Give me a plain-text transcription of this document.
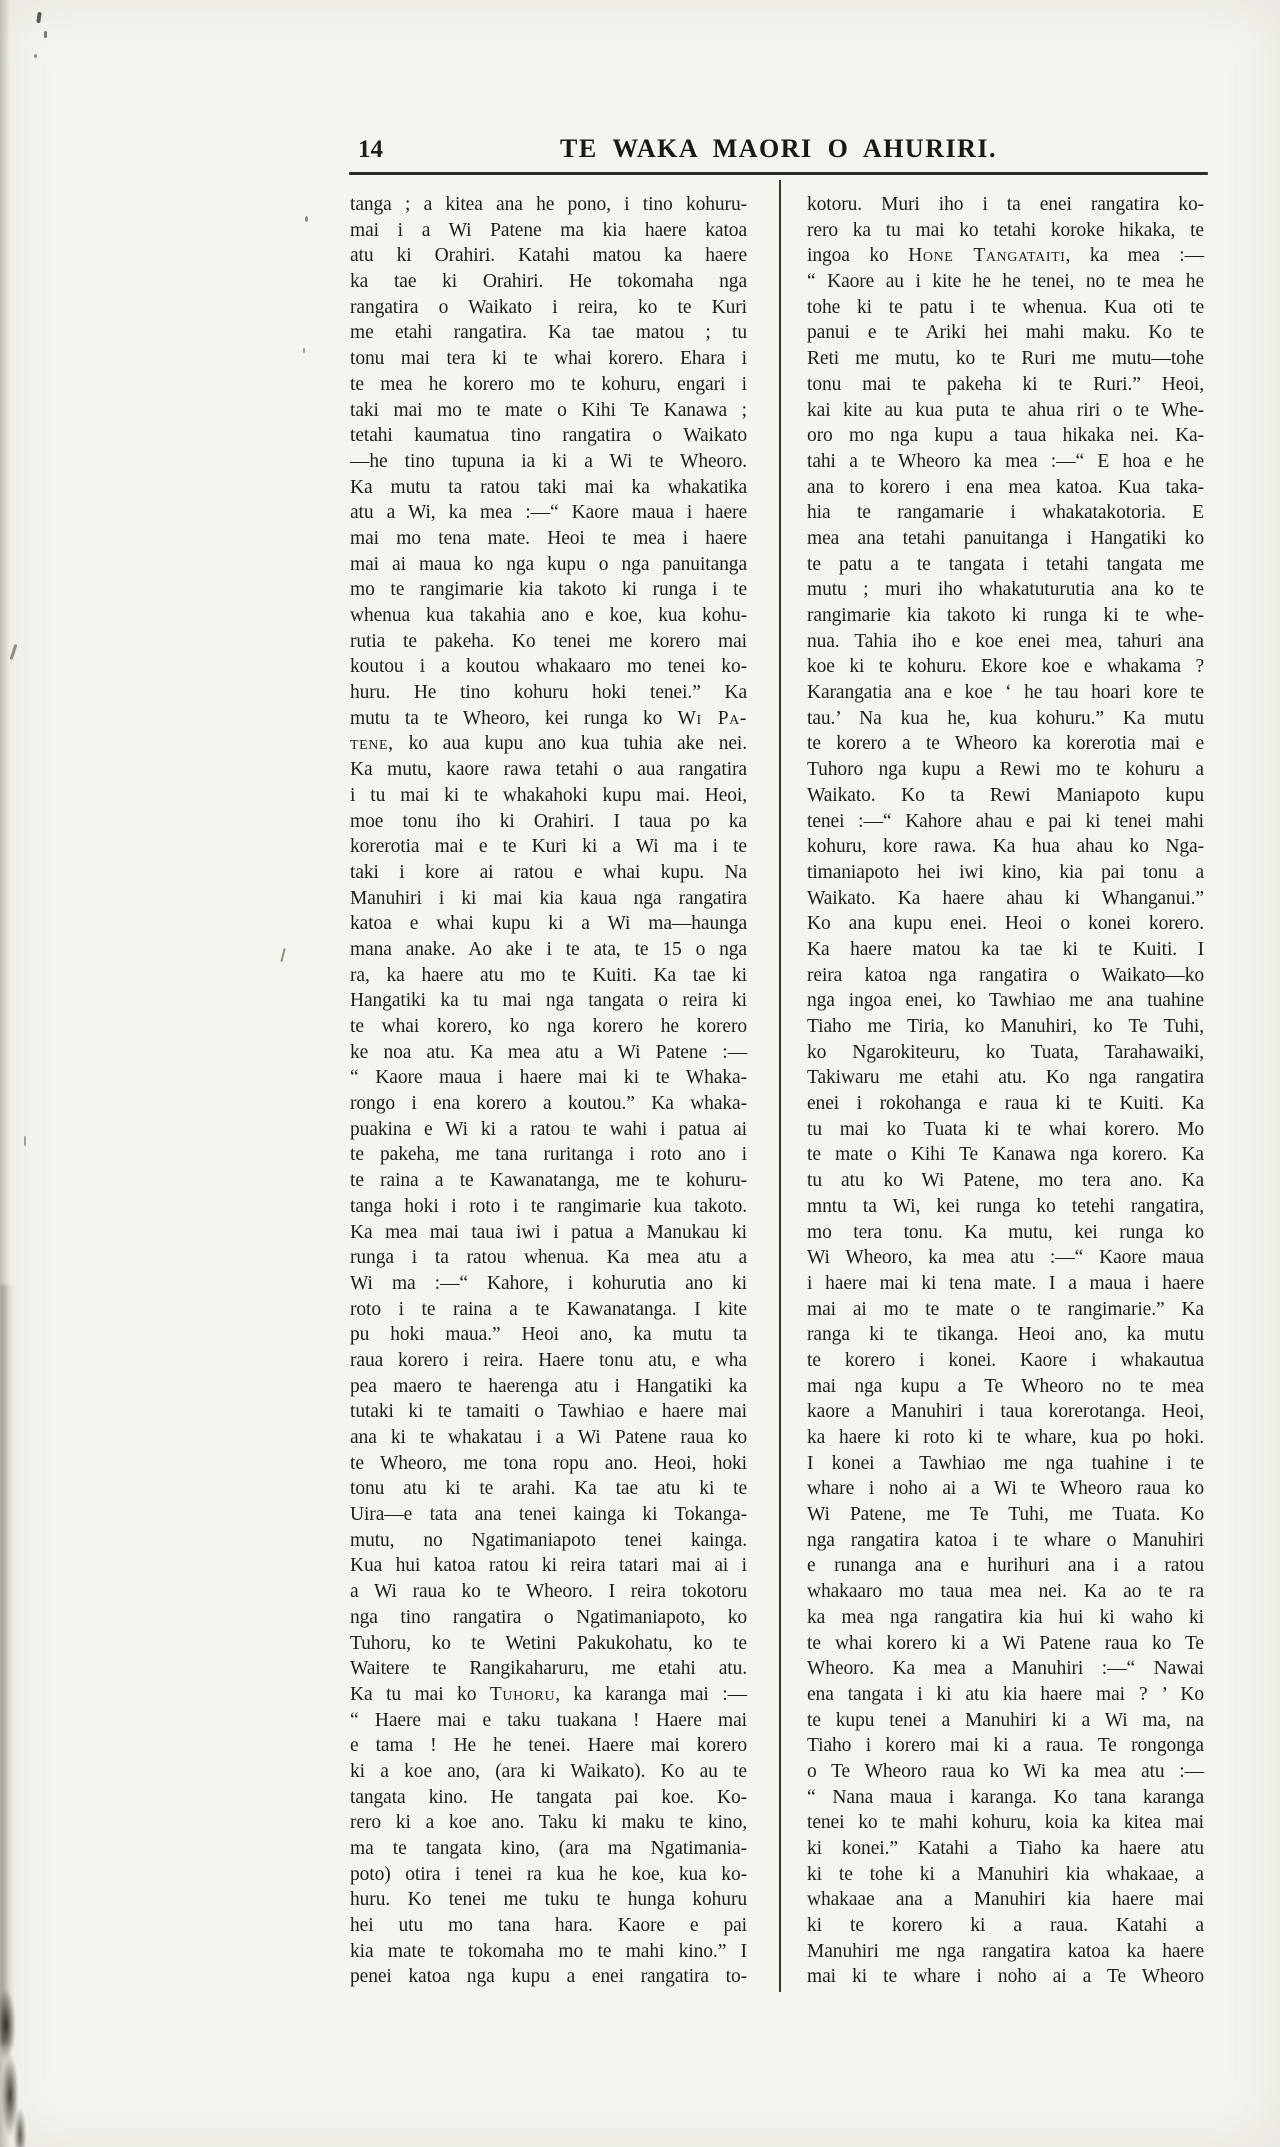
14	TE WAKA MAORI O AHURIRI.
tanga ; a kitea ana he pono, i tino kohuru-
mai i a Wi Patene ma kia haere katoa
atu ki Orahiri. Katahi matou ka haere
ka tae ki Orahiri. He tokomaha nga
rangatira o Waikato i reira, ko te Kuri
me etahi rangatira. Ka tae matou ; tu
tonu mai tera ki te whai korero. Ehara i
te mea he korero mo te kohuru, engari i
taki mai mo te mate o Kihi Te Kanawa ;
tetahi kaumatua tino rangatira o Waikato
—he tino tupuna ia ki a Wi te Wheoro.
Ka mutu ta ratou taki mai ka whakatika
atu a Wi, ka mea :—“ Kaore maua i haere
mai mo tena mate. Heoi te mea i haere
mai ai maua ko nga kupu o nga panuitanga
mo te rangimarie kia takoto ki runga i te
whenua kua takahia ano e koe, kua kohu-
rutia te pakeha. Ko tenei me korero mai
koutou i a koutou whakaaro mo tenei ko-
huru. He tino kohuru hoki tenei.” Ka
mutu ta te Wheoro, kei runga ko Wi Pa-
tene, ko aua kupu ano kua tuhia ake nei.
Ka mutu, kaore rawa tetahi o aua rangatira
i tu mai ki te whakahoki kupu mai. Heoi,
moe tonu iho ki Orahiri. I taua po ka
korerotia mai e te Kuri ki a Wi ma i te
taki i kore ai ratou e whai kupu. Na
Manuhiri i ki mai kia kaua nga rangatira
katoa e whai kupu ki a Wi ma—haunga
mana anake. Ao ake i te ata, te 15 o nga
ra, ka haere atu mo te Kuiti. Ka tae ki
Hangatiki ka tu mai nga tangata o reira ki
te whai korero, ko nga korero he korero
ke noa atu. Ka mea atu a Wi Patene :—
“ Kaore maua i haere mai ki te Whaka-
rongo i ena korero a koutou.” Ka whaka-
puakina e Wi ki a ratou te wahi i patua ai
te pakeha, me tana ruritanga i roto ano i
te raina a te Kawanatanga, me te kohuru-
tanga hoki i roto i te rangimarie kua takoto.
Ka mea mai taua iwi i patua a Manukau ki
runga i ta ratou whenua. Ka mea atu a
Wi ma :—“ Kahore, i kohurutia ano ki
roto i te raina a te Kawanatanga. I kite
pu hoki maua.” Heoi ano, ka mutu ta
raua korero i reira. Haere tonu atu, e wha
pea maero te haerenga atu i Hangatiki ka
tutaki ki te tamaiti o Tawhiao e haere mai
ana ki te whakatau i a Wi Patene raua ko
te Wheoro, me tona ropu ano. Heoi, hoki
tonu atu ki te arahi. Ka tae atu ki te
Uira—e tata ana tenei kainga ki Tokanga-
mutu, no Ngatimaniapoto tenei kainga.
Kua hui katoa ratou ki reira tatari mai ai i
a Wi raua ko te Wheoro. I reira tokotoru
nga tino rangatira o Ngatimaniapoto, ko
Tuhoru, ko te Wetini Pakukohatu, ko te
Waitere te Rangikaharuru, me etahi atu.
Ka tu mai ko Tuhoru, ka karanga mai :—
“ Haere mai e taku tuakana ! Haere mai
e tama ! He he tenei. Haere mai korero
ki a koe ano, (ara ki Waikato). Ko au te
tangata kino. He tangata pai koe. Ko-
rero ki a koe ano. Taku ki maku te kino,
ma te tangata kino, (ara ma Ngatimania-
poto) otira i tenei ra kua he koe, kua ko-
huru. Ko tenei me tuku te hunga kohuru
hei utu mo tana hara. Kaore e pai
kia mate te tokomaha mo te mahi kino.” I
penei katoa nga kupu a enei rangatira to-
kotoru. Muri iho i ta enei rangatira ko-
rero ka tu mai ko tetahi koroke hikaka, te
ingoa ko Hone Tangataiti, ka mea :—
“ Kaore au i kite he he tenei, no te mea he
tohe ki te patu i te whenua. Kua oti te
panui e te Ariki hei mahi maku. Ko te
Reti me mutu, ko te Ruri me mutu—tohe
tonu mai te pakeha ki te Ruri.” Heoi,
kai kite au kua puta te ahua riri o te Whe-
oro mo nga kupu a taua hikaka nei. Ka-
tahi a te Wheoro ka mea :—“ E hoa e he
ana to korero i ena mea katoa. Kua taka-
hia te rangamarie i whakatakotoria. E
mea ana tetahi panuitanga i Hangatiki ko
te patu a te tangata i tetahi tangata me
mutu ; muri iho whakatuturutia ana ko te
rangimarie kia takoto ki runga ki te whe-
nua. Tahia iho e koe enei mea, tahuri ana
koe ki te kohuru. Ekore koe e whakama ?
Karangatia ana e koe ‘ he tau hoari kore te
tau.’ Na kua he, kua kohuru.” Ka mutu
te korero a te Wheoro ka korerotia mai e
Tuhoro nga kupu a Rewi mo te kohuru a
Waikato. Ko ta Rewi Maniapoto kupu
tenei :—“ Kahore ahau e pai ki tenei mahi
kohuru, kore rawa. Ka hua ahau ko Nga-
timaniapoto hei iwi kino, kia pai tonu a
Waikato. Ka haere ahau ki Whanganui.”
Ko ana kupu enei. Heoi o konei korero.
Ka haere matou ka tae ki te Kuiti. I
reira katoa nga rangatira o Waikato—ko
nga ingoa enei, ko Tawhiao me ana tuahine
Tiaho me Tiria, ko Manuhiri, ko Te Tuhi,
ko Ngarokiteuru, ko Tuata, Tarahawaiki,
Takiwaru me etahi atu. Ko nga rangatira
enei i rokohanga e raua ki te Kuiti. Ka
tu mai ko Tuata ki te whai korero. Mo
te mate o Kihi Te Kanawa nga korero. Ka
tu atu ko Wi Patene, mo tera ano. Ka
mntu ta Wi, kei runga ko tetehi rangatira,
mo tera tonu. Ka mutu, kei runga ko
Wi Wheoro, ka mea atu :—“ Kaore maua
i haere mai ki tena mate. I a maua i haere
mai ai mo te mate o te rangimarie.” Ka
ranga ki te tikanga. Heoi ano, ka mutu
te korero i konei. Kaore i whakautua
mai nga kupu a Te Wheoro no te mea
kaore a Manuhiri i taua korerotanga. Heoi,
ka haere ki roto ki te whare, kua po hoki.
I konei a Tawhiao me nga tuahine i te
whare i noho ai a Wi te Wheoro raua ko
Wi Patene, me Te Tuhi, me Tuata. Ko
nga rangatira katoa i te whare o Manuhiri
e runanga ana e hurihuri ana i a ratou
whakaaro mo taua mea nei. Ka ao te ra
ka mea nga rangatira kia hui ki waho ki
te whai korero ki a Wi Patene raua ko Te
Wheoro. Ka mea a Manuhiri :—“ Nawai
ena tangata i ki atu kia haere mai ? ’ Ko
te kupu tenei a Manuhiri ki a Wi ma, na
Tiaho i korero mai ki a raua. Te rongonga
o Te Wheoro raua ko Wi ka mea atu :—
“ Nana maua i karanga. Ko tana karanga
tenei ko te mahi kohuru, koia ka kitea mai
ki konei.” Katahi a Tiaho ka haere atu
ki te tohe ki a Manuhiri kia whakaae, a
whakaae ana a Manuhiri kia haere mai
ki te korero ki a raua. Katahi a
Manuhiri me nga rangatira katoa ka haere
mai ki te whare i noho ai a Te Wheoro
